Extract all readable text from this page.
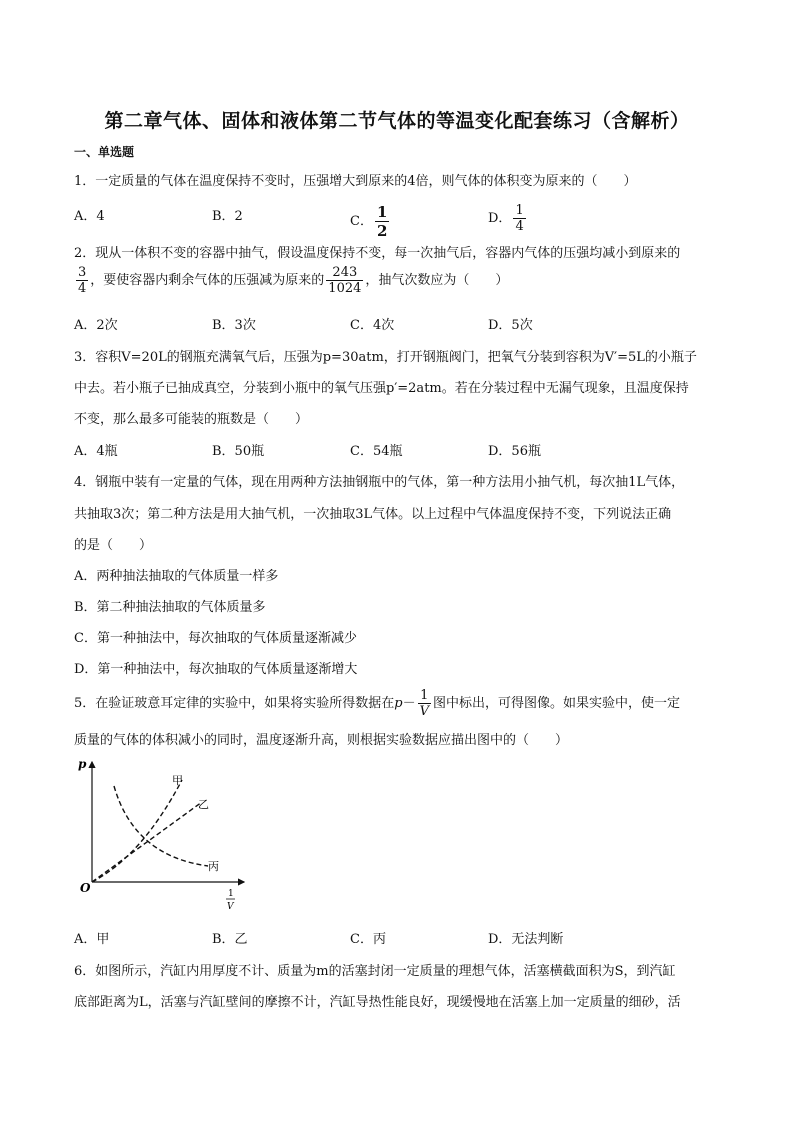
第二章气体、固体和液体第二节气体的等温变化配套练习（含解析）
一、单选题
1．一定质量的气体在温度保持不变时，压强增大到原来的4倍，则气体的体积变为原来的（　　）
A．4	B．2	C． $\frac{1}{2}$	D． $\frac{1}{4}$
2．现从一体积不变的容器中抽气，假设温度保持不变，每一次抽气后，容器内气体的压强均减小到原来的
$\frac{3}{4}$ ，要使容器内剩余气体的压强减为原来的 $\frac{243}{1024}$ ，抽气次数应为（　　）
A．2次	B．3次	C．4次	D．5次
3．容积V=20L的钢瓶充满氧气后，压强为p=30atm，打开钢瓶阀门，把氧气分装到容积为V′=5L的小瓶子
中去。若小瓶子已抽成真空，分装到小瓶中的氧气压强p′=2atm。若在分装过程中无漏气现象，且温度保持
不变，那么最多可能装的瓶数是（　　）
A．4瓶	B．50瓶	C．54瓶	D．56瓶
4．钢瓶中装有一定量的气体，现在用两种方法抽钢瓶中的气体，第一种方法用小抽气机，每次抽1L气体，
共抽取3次；第二种方法是用大抽气机，一次抽取3L气体。以上过程中气体温度保持不变，下列说法正确
的是（　　）
A．两种抽法抽取的气体质量一样多
B．第二种抽法抽取的气体质量多
C．第一种抽法中，每次抽取的气体质量逐渐减少
D．第一种抽法中，每次抽取的气体质量逐渐增大
5．在验证玻意耳定律的实验中，如果将实验所得数据在$p- \frac{1}{V}$ 图中标出，可得图像。如果实验中，使一定
质量的气体的体积减小的同时，温度逐渐升高，则根据实验数据应描出图中的（　　）
p
O
甲
乙
丙
1
V
A．甲	B．乙	C．丙	D．无法判断
6．如图所示，汽缸内用厚度不计、质量为m的活塞封闭一定质量的理想气体，活塞横截面积为S，到汽缸
底部距离为L，活塞与汽缸壁间的摩擦不计，汽缸导热性能良好，现缓慢地在活塞上加一定质量的细砂，活
